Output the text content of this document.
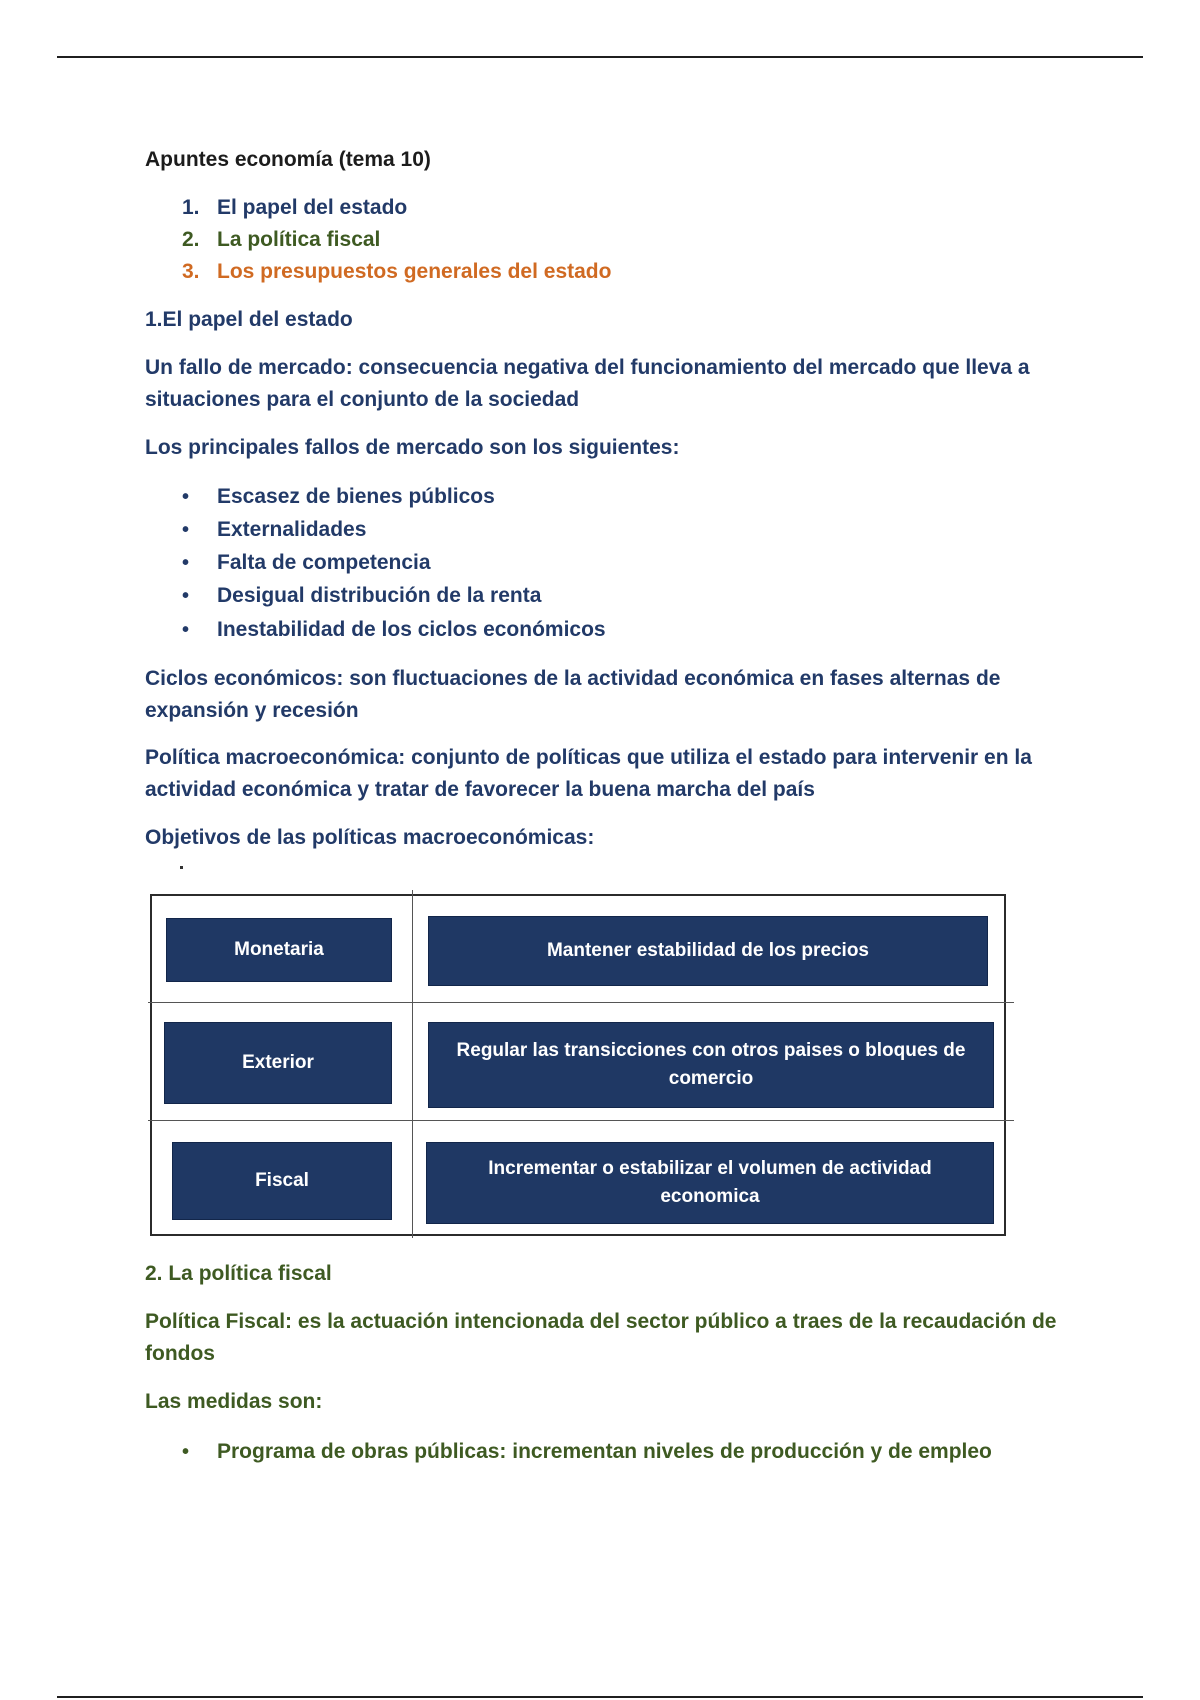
Apuntes economía (tema 10)
1. El papel del estado
2. La política fiscal
3. Los presupuestos generales del estado
1.El papel del estado
Un fallo de mercado: consecuencia negativa del funcionamiento del mercado que lleva a situaciones para el conjunto de la sociedad
Los principales fallos de mercado son los siguientes:
• Escasez de bienes públicos
• Externalidades
• Falta de competencia
• Desigual distribución de la renta
• Inestabilidad de los ciclos económicos
Ciclos económicos: son fluctuaciones de la actividad económica en fases alternas de expansión y recesión
Política macroeconómica: conjunto de políticas que utiliza el estado para intervenir en la actividad económica y tratar de favorecer la buena marcha del país
Objetivos de las políticas macroeconómicas:
Monetaria	Mantener estabilidad de los precios
Exterior
Regular las transicciones con otros paises o bloques de comercio
Fiscal
Incrementar o estabilizar el volumen de actividad economica
2. La política fiscal
Política Fiscal: es la actuación intencionada del sector público a traes de la recaudación de fondos
Las medidas son:
• Programa de obras públicas: incrementan niveles de producción y de empleo
